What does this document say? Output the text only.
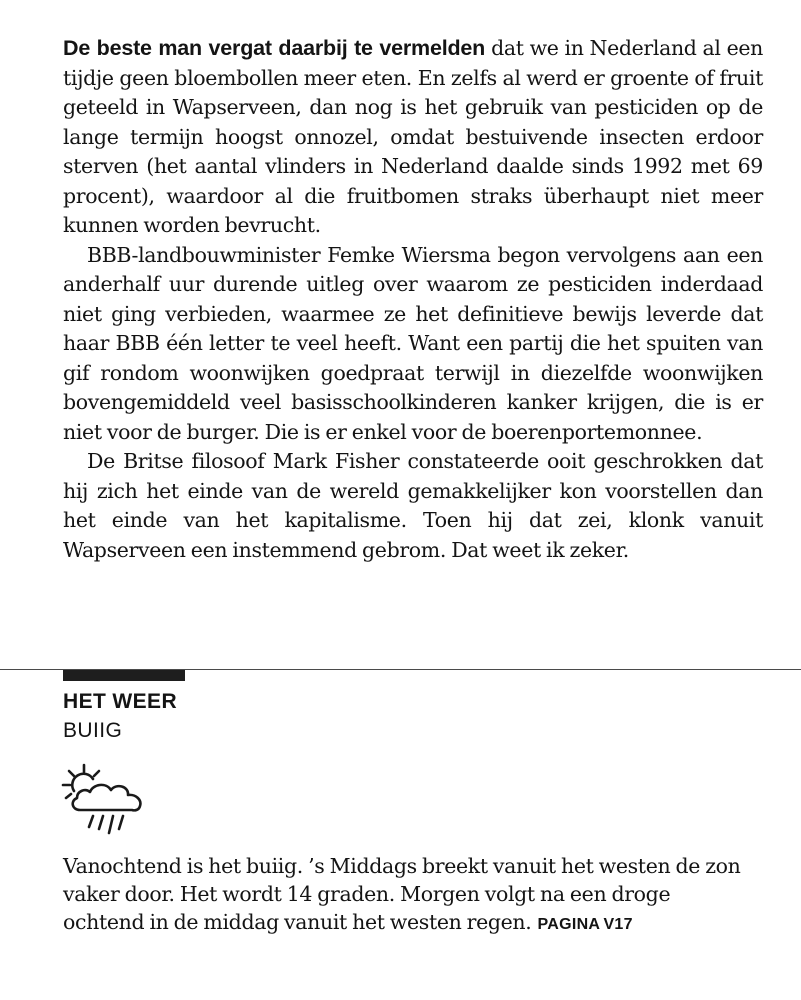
De beste man vergat daarbij te vermelden dat we in Nederland al een tijdje geen bloembollen meer eten. En zelfs al werd er groente of fruit geteeld in Wapserveen, dan nog is het gebruik van pesticiden op de lange termijn hoogst onnozel, omdat bestuivende insecten erdoor sterven (het aantal vlinders in Nederland daalde sinds 1992 met 69 procent), waardoor al die fruitbomen straks überhaupt niet meer kunnen worden bevrucht.

BBB-landbouwminister Femke Wiersma begon vervolgens aan een anderhalf uur durende uitleg over waarom ze pesticiden inderdaad niet ging verbieden, waarmee ze het definitieve bewijs leverde dat haar BBB één letter te veel heeft. Want een partij die het spuiten van gif rondom woonwijken goedpraat terwijl in diezelfde woonwijken bovengemiddeld veel basisschoolkinderen kanker krijgen, die is er niet voor de burger. Die is er enkel voor de boerenportemonnee.

De Britse filosoof Mark Fisher constateerde ooit geschrokken dat hij zich het einde van de wereld gemakkelijker kon voorstellen dan het einde van het kapitalisme. Toen hij dat zei, klonk vanuit Wapserveen een instemmend gebrom. Dat weet ik zeker.

HET WEER
BUIIG
Vanochtend is het buiig. ’s Middags breekt vanuit het westen de zon vaker door. Het wordt 14 graden. Morgen volgt na een droge ochtend in de middag vanuit het westen regen. PAGINA V17
